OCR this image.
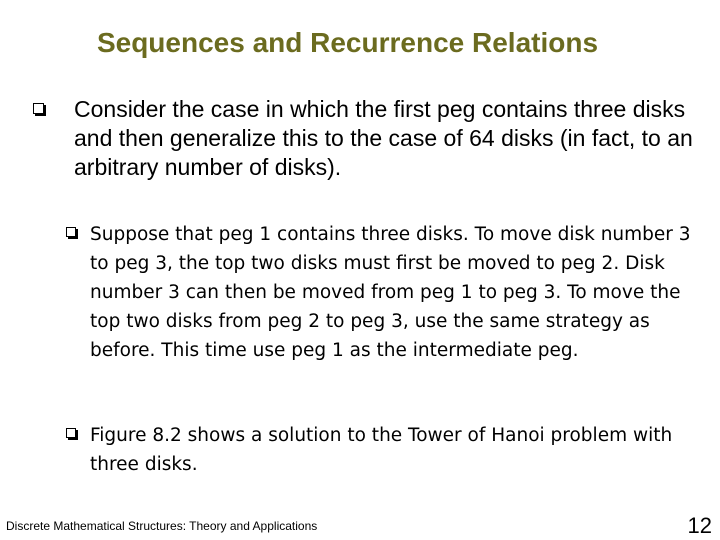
Sequences and Recurrence Relations
Consider the case in which the first peg contains three disks and then generalize this to the case of 64 disks (in fact, to an arbitrary number of disks).
Suppose that peg 1 contains three disks. To move disk number 3 to peg 3, the top two disks must first be moved to peg 2. Disk number 3 can then be moved from peg 1 to peg 3. To move the top two disks from peg 2 to peg 3, use the same strategy as before. This time use peg 1 as the intermediate peg.
Figure 8.2 shows a solution to the Tower of Hanoi problem with three disks.
Discrete Mathematical Structures: Theory and Applications	12
